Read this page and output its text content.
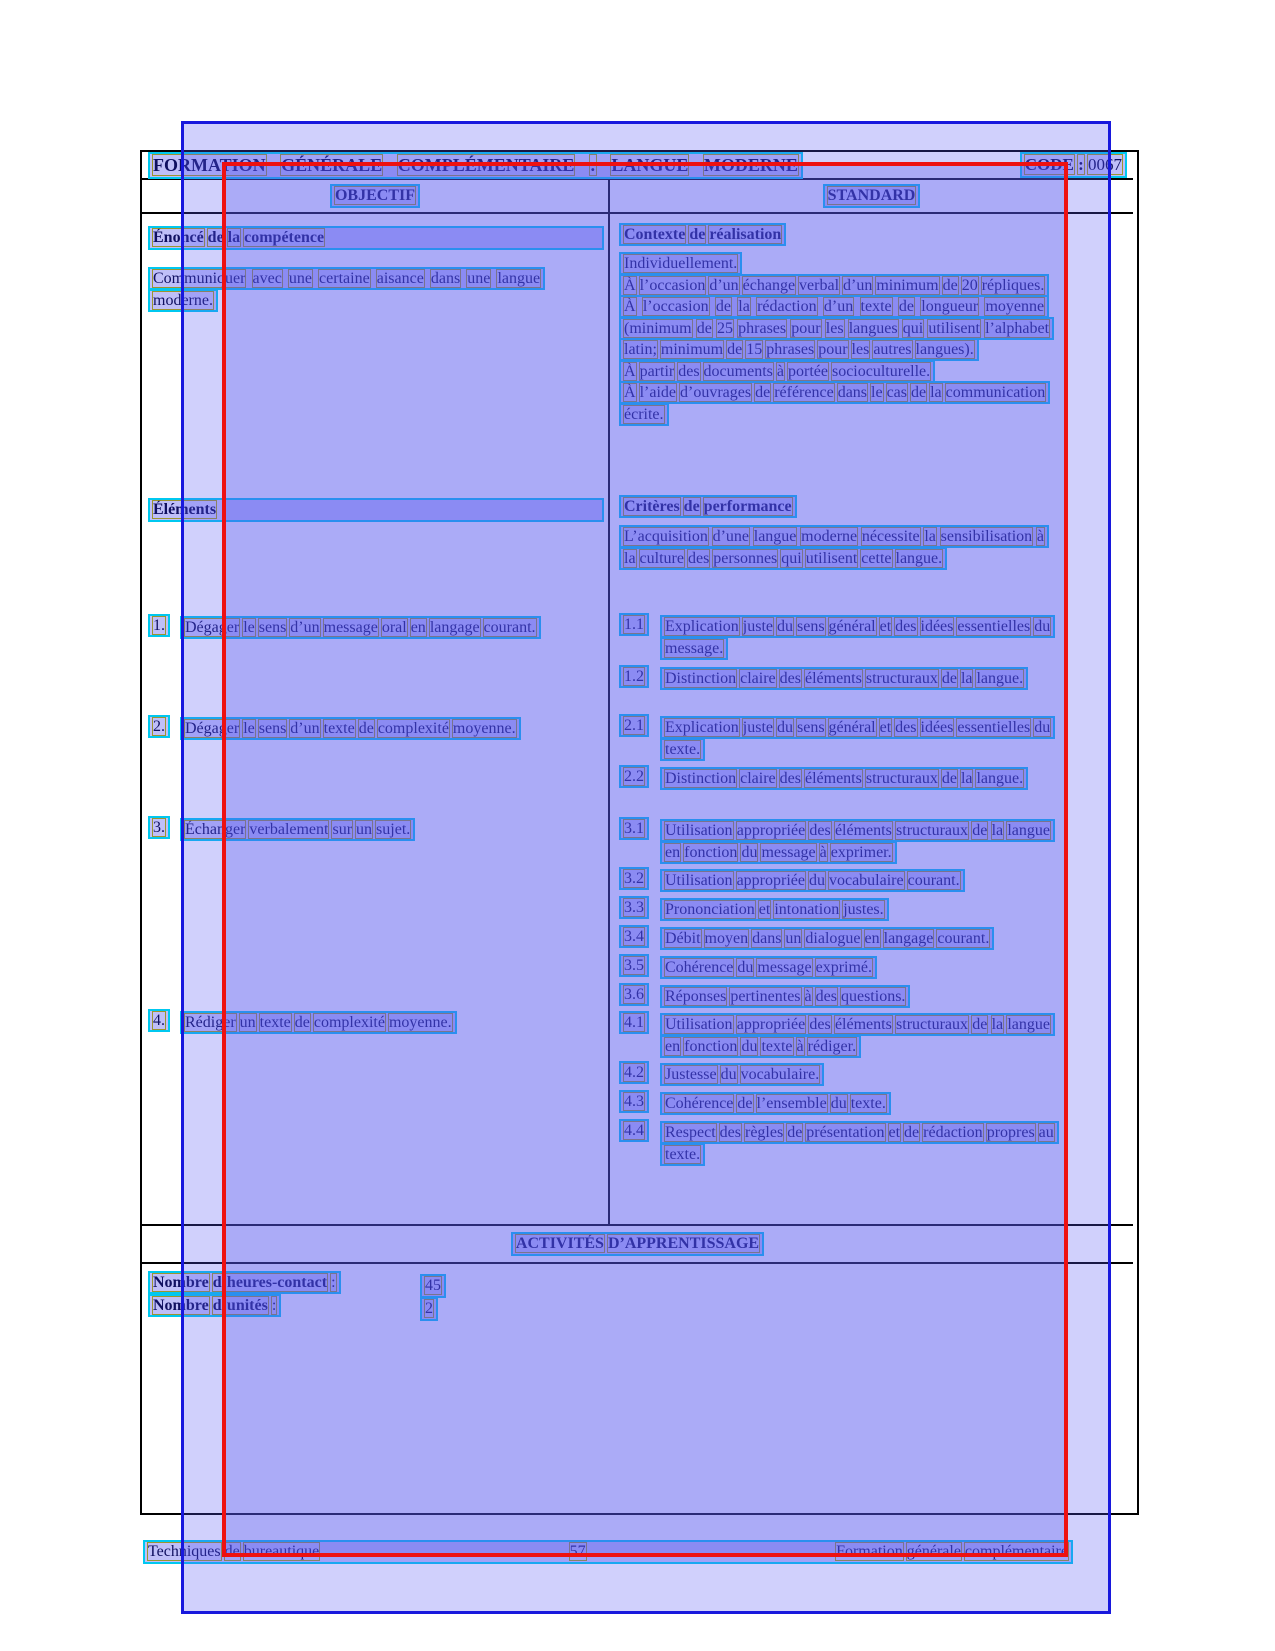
FORMATION GÉNÉRALE COMPLÉMENTAIRE : LANGUE MODERNE	CODE : 0067
OBJECTIF	STANDARD
Énoncé de la compétence
Communiquer avec une certaine aisance dans une langue moderne.
Éléments
1.	Dégager le sens d’un message oral en langage courant.
2.	Dégager le sens d’un texte de complexité moyenne.
3.	Échanger verbalement sur un sujet.
4.	Rédiger un texte de complexité moyenne.
Contexte de réalisation
Individuellement.
À l’occasion d’un échange verbal d’un minimum de 20 répliques.
À l’occasion de la rédaction d’un texte de longueur moyenne (minimum de 25 phrases pour les langues qui utilisent l’alphabet latin; minimum de 15 phrases pour les autres langues).
À partir des documents à portée socioculturelle.
À l’aide d’ouvrages de référence dans le cas de la communication écrite.
Critères de performance
L’acquisition d’une langue moderne nécessite la sensibilisation à la culture des personnes qui utilisent cette langue.
1.1	Explication juste du sens général et des idées essentielles du message.
1.2	Distinction claire des éléments structuraux de la langue.
2.1	Explication juste du sens général et des idées essentielles du texte.
2.2	Distinction claire des éléments structuraux de la langue.
3.1	Utilisation appropriée des éléments structuraux de la langue en fonction du message à exprimer.
3.2	Utilisation appropriée du vocabulaire courant.
3.3	Prononciation et intonation justes.
3.4	Débit moyen dans un dialogue en langage courant.
3.5	Cohérence du message exprimé.
3.6	Réponses pertinentes à des questions.
4.1	Utilisation appropriée des éléments structuraux de la langue en fonction du texte à rédiger.
4.2	Justesse du vocabulaire.
4.3	Cohérence de l’ensemble du texte.
4.4	Respect des règles de présentation et de rédaction propres au texte.
ACTIVITÉS D’APPRENTISSAGE
Nombre d’heures-contact :	45
Nombre d’unités :	2
Techniques de bureautique	57	Formation générale complémentaire
